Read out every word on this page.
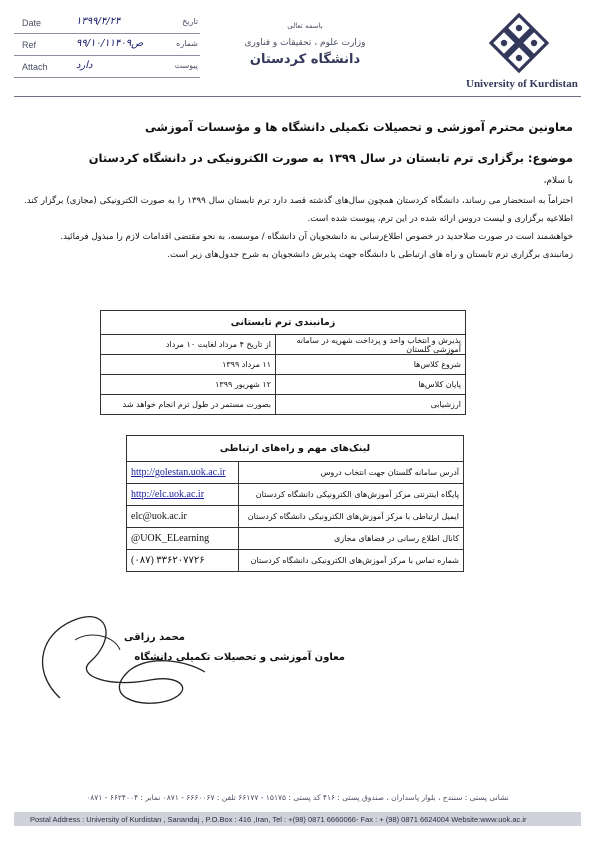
Date	۱۳۹۹/۴/۲۴	تاریخ
Ref	۹۹/۱۰/۱۱۴۰۹ص	شماره
Attach	دارد	پیوست
باسمه تعالی
وزارت علوم ، تحقیقات و فناوری
دانشگاه کردستان
University of Kurdistan
معاونین محترم آموزشی و تحصیلات تکمیلی دانشگاه ها و مؤسسات آموزشی
موضوع: برگزاری ترم تابستان در سال ۱۳۹۹ به صورت الکترونیکی در دانشگاه کردستان
با سلام،

احتراماً به استحضار می رساند، دانشگاه کردستان همچون سال‌های گذشته قصد دارد ترم تابستان سال ۱۳۹۹ را به صورت الکترونیکی (مجازی) برگزار کند. اطلاعیه برگزاری و لیست دروس ارائه شده در این ترم، پیوست شده است.

خواهشمند است در صورت صلاحدید در خصوص اطلاع‌رسانی به دانشجویان آن دانشگاه / موسسه، به نحو مقتضی اقدامات لازم را مبذول فرمائید.

زمانبندی برگزاری ترم تابستان و راه های ارتباطی با دانشگاه جهت پذیرش دانشجویان به شرح جدول‌های زیر است.

زمانبندی ترم تابستانی	
پذیرش و انتخاب واحد و پرداخت شهریه در سامانه آموزشی گلستان	از تاریخ ۴ مرداد لغایت ۱۰ مرداد
شروع کلاس‌ها	۱۱ مرداد ۱۳۹۹
پایان کلاس‌ها	۱۲ شهریور ۱۳۹۹
ارزشیابی	بصورت مستمر در طول ترم انجام خواهد شد
لینک‌های مهم و راه‌های ارتباطی	
آدرس سامانه گلستان جهت انتخاب دروس	http://golestan.uok.ac.ir
پایگاه اینترنتی مرکز آموزش‌های الکترونیکی دانشگاه کردستان	http://elc.uok.ac.ir
ایمیل ارتباطی با مرکز آموزش‌های الکترونیکی دانشگاه کردستان	elc@uok.ac.ir
کانال اطلاع رسانی در فضاهای مجازی	@UOK_ELearning
شماره تماس با مرکز آموزش‌های الکترونیکی دانشگاه کردستان	(۰۸۷) ۳۳۶۲۰۷۷۲۶
محمد رزاقی
معاون آموزشی و تحصیلات تکمیلی دانشگاه
نشانی پستی : سنندج ، بلوار پاسداران ، صندوق پستی : ۴۱۶ کد پستی : ۱۵۱۷۵ - ۶۶۱۷۷ تلفن : ۶۶۶۰۰۶۷ - ۰۸۷۱ نمابر : ۶۶۲۴۰۰۴ - ۰۸۷۱
Postal Address : University of Kurdistan , Sanandaj , P.O.Box : 416 ,Iran, Tel : +(98) 0871 6660066- Fax : + (98) 0871 6624004 Website:www.uok.ac.ir
